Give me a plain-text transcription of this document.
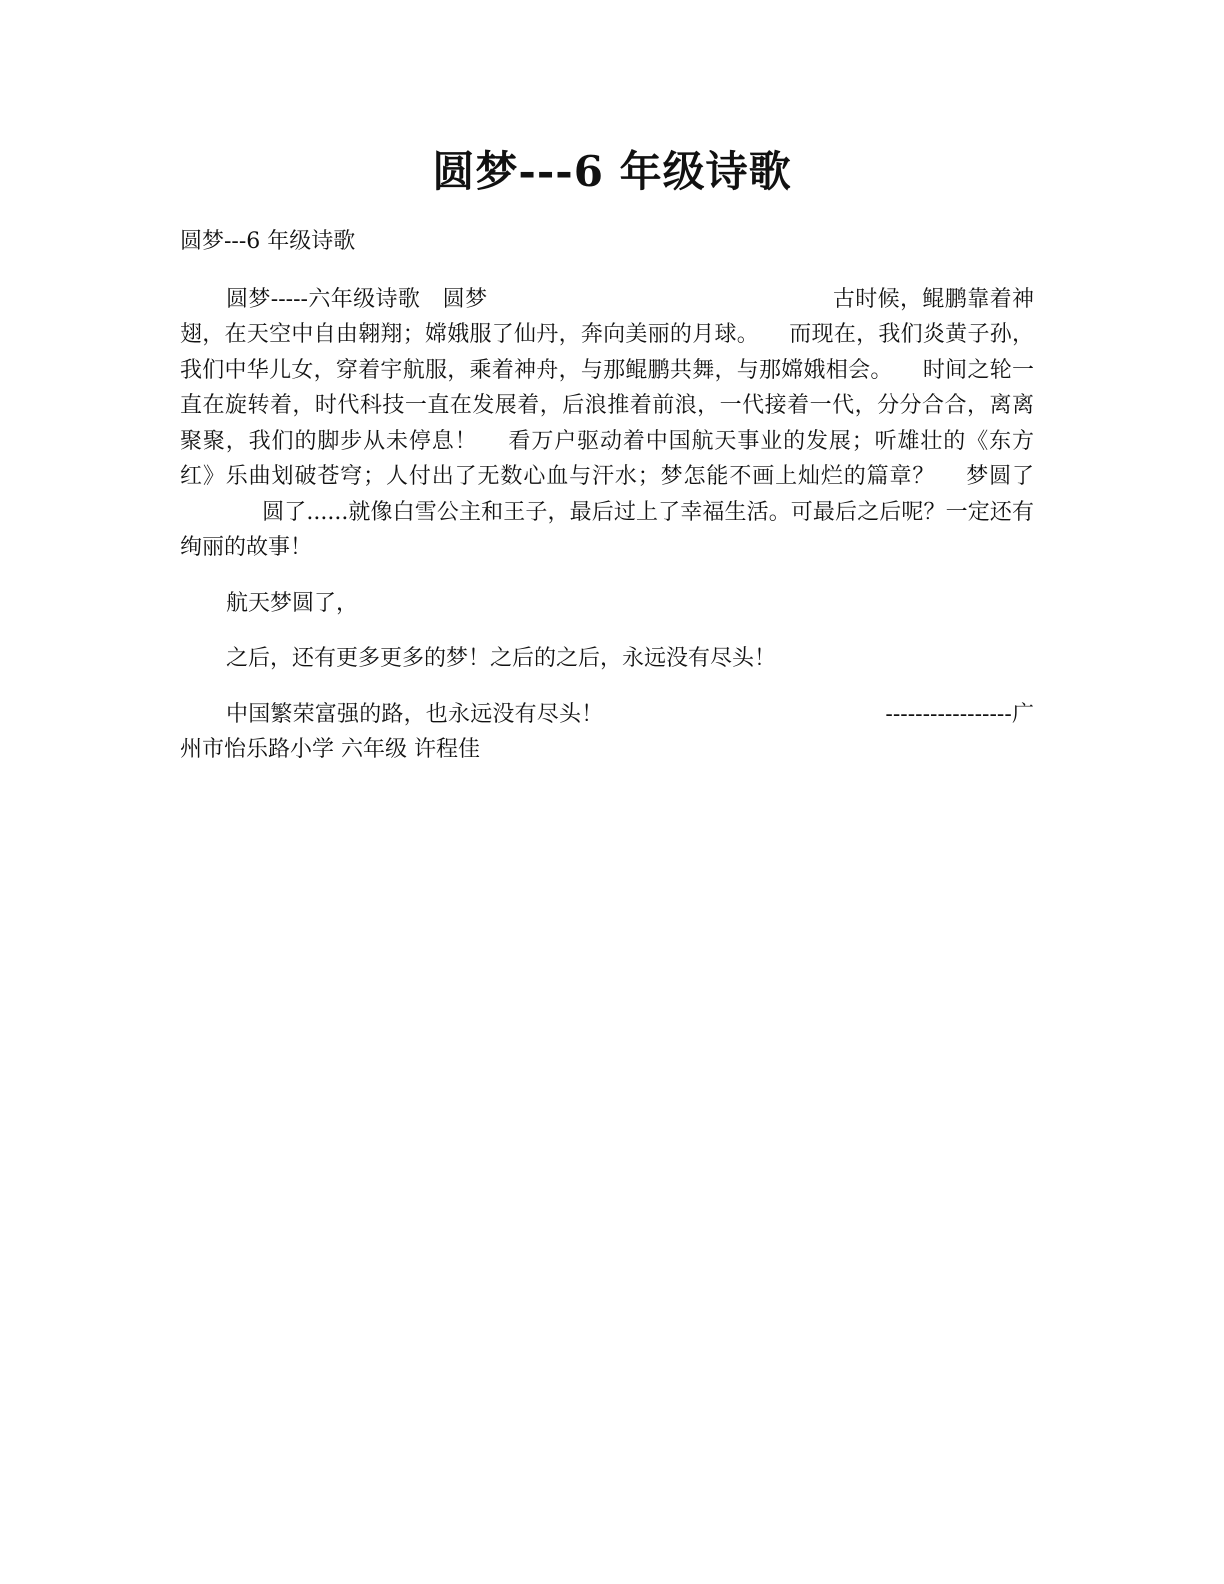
圆梦---6 年级诗歌

圆梦---6 年级诗歌

圆梦-----六年级诗歌 圆梦	古时候，鲲鹏靠着神翅，在天空中自由翱翔；嫦娥服了仙丹，奔向美丽的月球。 而现在，我们炎黄子孙，我们中华儿女，穿着宇航服，乘着神舟，与那鲲鹏共舞，与那嫦娥相会。 时间之轮一直在旋转着，时代科技一直在发展着，后浪推着前浪，一代接着一代，分分合合，离离聚聚，我们的脚步从未停息！ 看万户驱动着中国航天事业的发展；听雄壮的《东方红》乐曲划破苍穹；人付出了无数心血与汗水；梦怎能不画上灿烂的篇章？ 梦圆了圆了......就像白雪公主和王子，最后过上了幸福生活。可最后之后呢？一定还有绚丽的故事！

航天梦圆了，

之后，还有更多更多的梦！之后的之后，永远没有尽头！

中国繁荣富强的路，也永远没有尽头！	-----------------广州市怡乐路小学 六年级 许程佳
